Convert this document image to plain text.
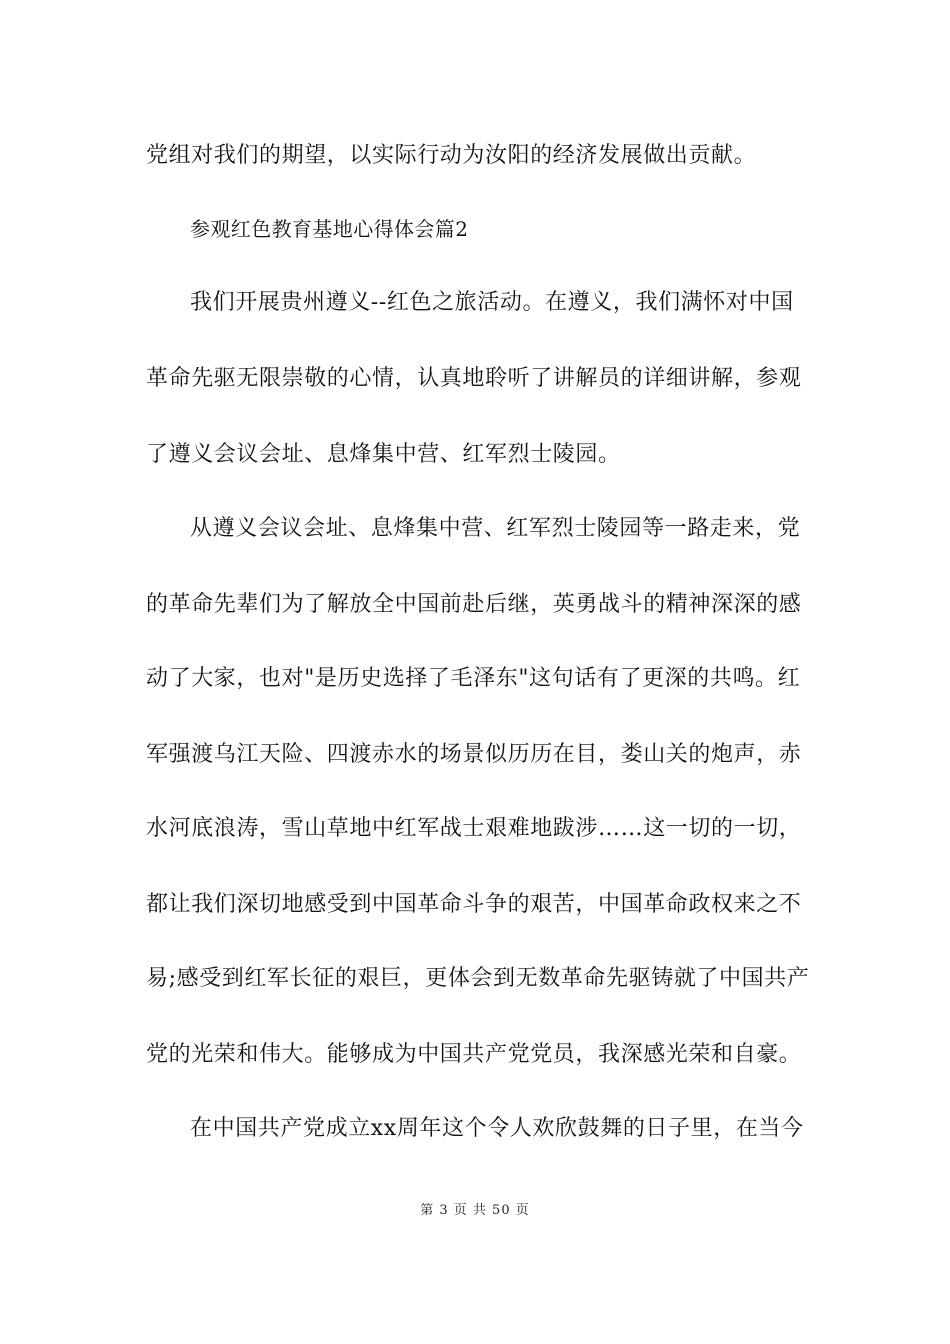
党组对我们的期望，以实际行动为汝阳的经济发展做出贡献。
参观红色教育基地心得体会篇2
我们开展贵州遵义--红色之旅活动。在遵义，我们满怀对中国
革命先驱无限崇敬的心情，认真地聆听了讲解员的详细讲解，参观
了遵义会议会址、息烽集中营、红军烈士陵园。
从遵义会议会址、息烽集中营、红军烈士陵园等一路走来，党
的革命先辈们为了解放全中国前赴后继，英勇战斗的精神深深的感
动了大家，也对"是历史选择了毛泽东"这句话有了更深的共鸣。红
军强渡乌江天险、四渡赤水的场景似历历在目，娄山关的炮声，赤
水河底浪涛，雪山草地中红军战士艰难地跋涉……这一切的一切，
都让我们深切地感受到中国革命斗争的艰苦，中国革命政权来之不
易;感受到红军长征的艰巨，更体会到无数革命先驱铸就了中国共产
党的光荣和伟大。能够成为中国共产党党员，我深感光荣和自豪。
在中国共产党成立xx周年这个令人欢欣鼓舞的日子里，在当今
第 3 页 共 50 页
